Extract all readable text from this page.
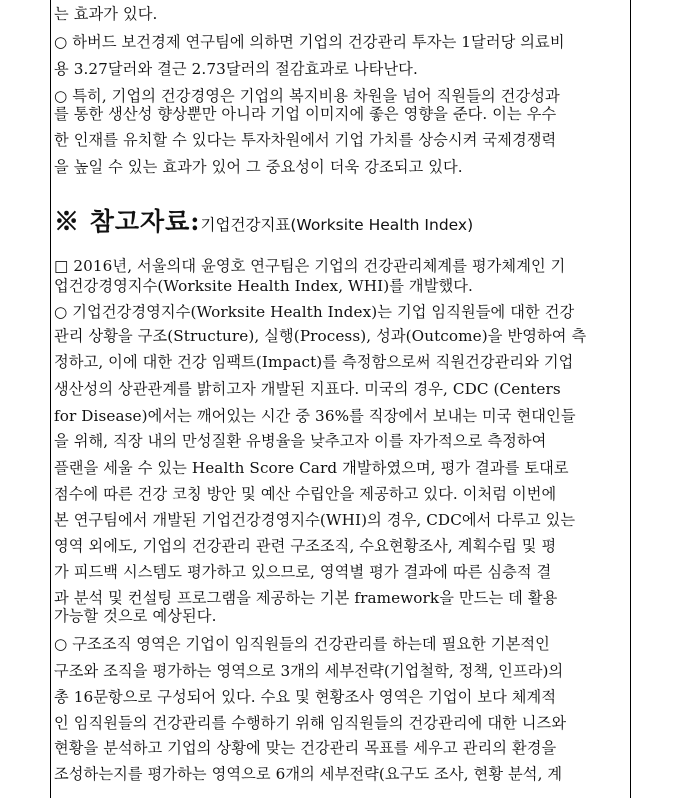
는 효과가 있다.
○ 하버드 보건경제 연구팀에 의하면 기업의 건강관리 투자는 1달러당 의료비
용 3.27달러와 결근 2.73달러의 절감효과로 나타난다.
○ 특히, 기업의 건강경영은 기업의 복지비용 차원을 넘어 직원들의 건강성과
를 통한 생산성 향상뿐만 아니라 기업 이미지에 좋은 영향을 준다. 이는 우수
한 인재를 유치할 수 있다는 투자차원에서 기업 가치를 상승시켜 국제경쟁력
을 높일 수 있는 효과가 있어 그 중요성이 더욱 강조되고 있다.
※ 참고자료:기업건강지표(Worksite Health Index)
□ 2016년, 서울의대 윤영호 연구팀은 기업의 건강관리체계를 평가체계인 기
업건강경영지수(Worksite Health Index, WHI)를 개발했다.
○ 기업건강경영지수(Worksite Health Index)는 기업 임직원들에 대한 건강
관리 상황을 구조(Structure), 실행(Process), 성과(Outcome)을 반영하여 측
정하고, 이에 대한 건강 임팩트(Impact)를 측정함으로써 직원건강관리와 기업
생산성의 상관관계를 밝히고자 개발된 지표다. 미국의 경우, CDC (Centers
for Disease)에서는 깨어있는 시간 중 36%를 직장에서 보내는 미국 현대인들
을 위해, 직장 내의 만성질환 유병율을 낮추고자 이를 자가적으로 측정하여
플랜을 세울 수 있는 Health Score Card 개발하였으며, 평가 결과를 토대로
점수에 따른 건강 코칭 방안 및 예산 수립안을 제공하고 있다. 이처럼 이번에
본 연구팀에서 개발된 기업건강경영지수(WHI)의 경우, CDC에서 다루고 있는
영역 외에도, 기업의 건강관리 관련 구조조직, 수요현황조사, 계획수립 및 평
가 피드백 시스템도 평가하고 있으므로, 영역별 평가 결과에 따른 심층적 결
과 분석 및 컨설팅 프로그램을 제공하는 기본 framework을 만드는 데 활용
가능할 것으로 예상된다.
○ 구조조직 영역은 기업이 임직원들의 건강관리를 하는데 필요한 기본적인
구조와 조직을 평가하는 영역으로 3개의 세부전략(기업철학, 정책, 인프라)의
총 16문항으로 구성되어 있다. 수요 및 현황조사 영역은 기업이 보다 체계적
인 임직원들의 건강관리를 수행하기 위해 임직원들의 건강관리에 대한 니즈와
현황을 분석하고 기업의 상황에 맞는 건강관리 목표를 세우고 관리의 환경을
조성하는지를 평가하는 영역으로 6개의 세부전략(요구도 조사, 현황 분석, 계
